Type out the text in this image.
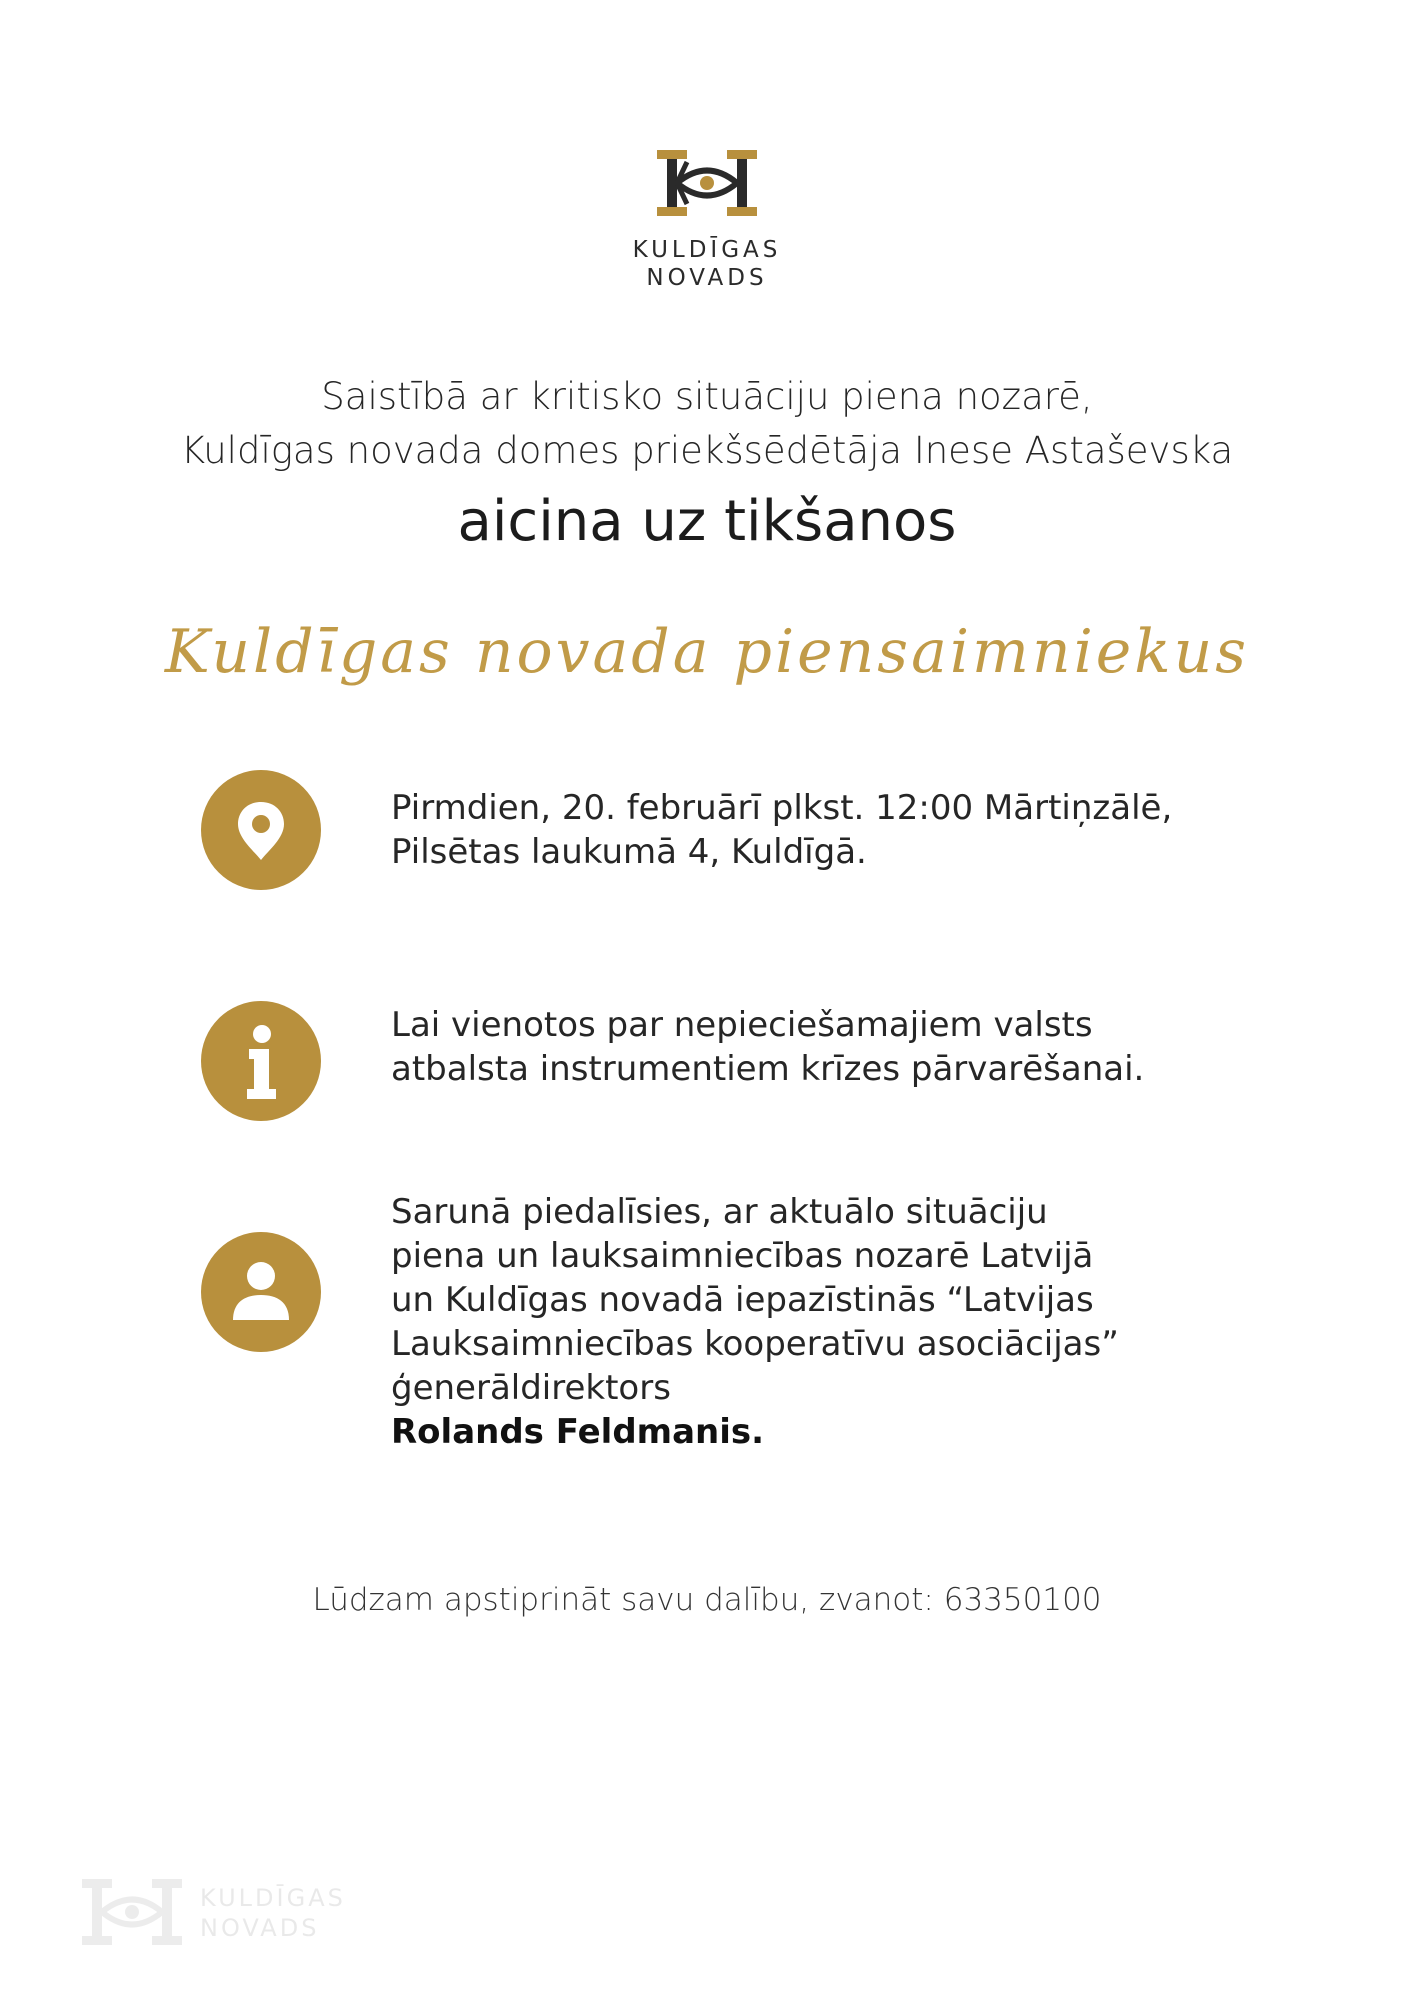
KULDĪGAS
NOVADS
Saistībā ar kritisko situāciju piena nozarē,
Kuldīgas novada domes priekšsēdētāja Inese Astaševska
aicina uz tikšanos
Kuldīgas novada piensaimniekus
Pirmdien, 20. februārī plkst. 12:00 Mārtiņzālē,
Pilsētas laukumā 4, Kuldīgā.
Lai vienotos par nepieciešamajiem valsts
atbalsta instrumentiem krīzes pārvarēšanai.
Sarunā piedalīsies, ar aktuālo situāciju
piena un lauksaimniecības nozarē Latvijā
un Kuldīgas novadā iepazīstinās “Latvijas
Lauksaimniecības kooperatīvu asociācijas”
ģenerāldirektors
Rolands Feldmanis.
Lūdzam apstiprināt savu dalību, zvanot: 63350100
KULDĪGAS
NOVADS
